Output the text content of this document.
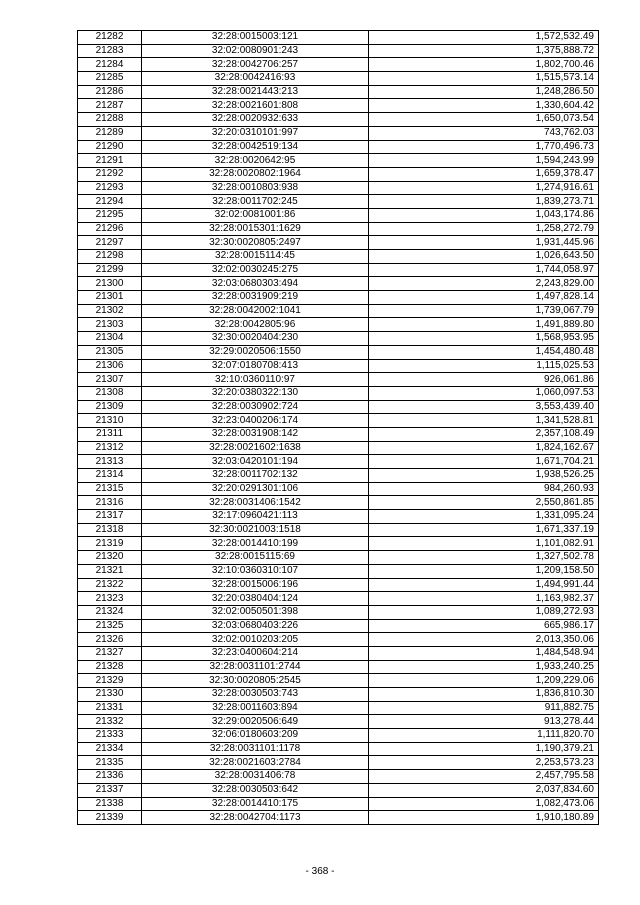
21282	32:28:0015003:121	1,572,532.49
21283	32:02:0080901:243	1,375,888.72
21284	32:28:0042706:257	1,802,700.46
21285	32:28:0042416:93	1,515,573.14
21286	32:28:0021443:213	1,248,286.50
21287	32:28:0021601:808	1,330,604.42
21288	32:28:0020932:633	1,650,073.54
21289	32:20:0310101:997	743,762.03
21290	32:28:0042519:134	1,770,496.73
21291	32:28:0020642:95	1,594,243.99
21292	32:28:0020802:1964	1,659,378.47
21293	32:28:0010803:938	1,274,916.61
21294	32:28:0011702:245	1,839,273.71
21295	32:02:0081001:86	1,043,174.86
21296	32:28:0015301:1629	1,258,272.79
21297	32:30:0020805:2497	1,931,445.96
21298	32:28:0015114:45	1,026,643.50
21299	32:02:0030245:275	1,744,058.97
21300	32:03:0680303:494	2,243,829.00
21301	32:28:0031909:219	1,497,828.14
21302	32:28:0042002:1041	1,739,067.79
21303	32:28:0042805:96	1,491,889.80
21304	32:30:0020404:230	1,568,953.95
21305	32:29:0020506:1550	1,454,480.48
21306	32:07:0180708:413	1,115,025.53
21307	32:10:0360110:97	926,061.86
21308	32:20:0380322:130	1,060,097.53
21309	32:28:0030902:724	3,553,439.40
21310	32:23:0400206:174	1,341,528.81
21311	32:28:0031908:142	2,357,108.49
21312	32:28:0021602:1638	1,824,162.67
21313	32:03:0420101:194	1,671,704.21
21314	32:28:0011702:132	1,938,526.25
21315	32:20:0291301:106	984,260.93
21316	32:28:0031406:1542	2,550,861.85
21317	32:17:0960421:113	1,331,095.24
21318	32:30:0021003:1518	1,671,337.19
21319	32:28:0014410:199	1,101,082.91
21320	32:28:0015115:69	1,327,502.78
21321	32:10:0360310:107	1,209,158.50
21322	32:28:0015006:196	1,494,991.44
21323	32:20:0380404:124	1,163,982.37
21324	32:02:0050501:398	1,089,272.93
21325	32:03:0680403:226	665,986.17
21326	32:02:0010203:205	2,013,350.06
21327	32:23:0400604:214	1,484,548.94
21328	32:28:0031101:2744	1,933,240.25
21329	32:30:0020805:2545	1,209,229.06
21330	32:28:0030503:743	1,836,810.30
21331	32:28:0011603:894	911,882.75
21332	32:29:0020506:649	913,278.44
21333	32:06:0180603:209	1,111,820.70
21334	32:28:0031101:1178	1,190,379.21
21335	32:28:0021603:2784	2,253,573.23
21336	32:28:0031406:78	2,457,795.58
21337	32:28:0030503:642	2,037,834.60
21338	32:28:0014410:175	1,082,473.06
21339	32:28:0042704:1173	1,910,180.89
- 368 -
